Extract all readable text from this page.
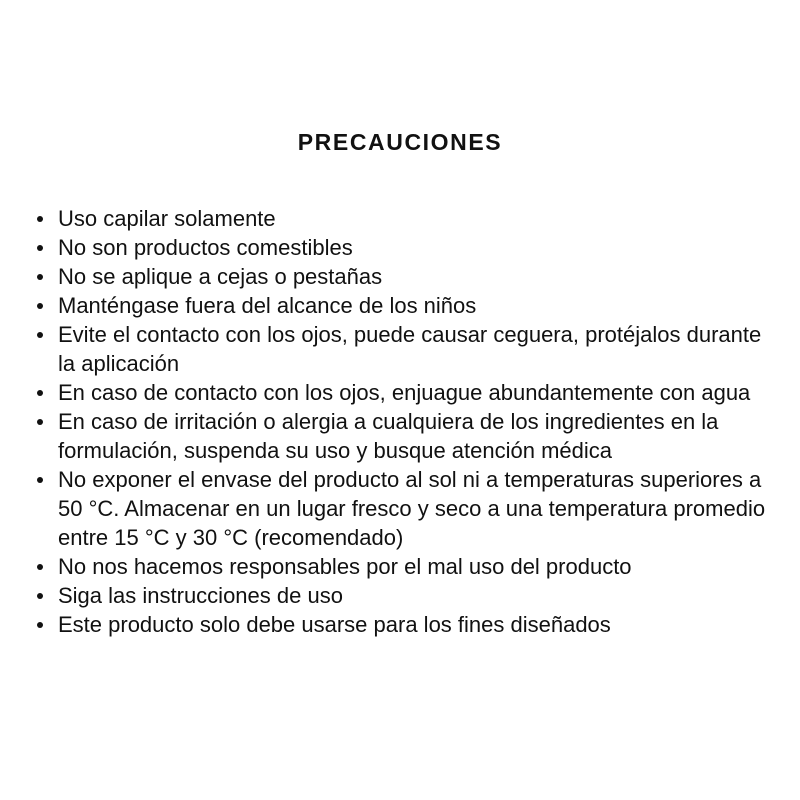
PRECAUCIONES
Uso capilar solamente
No son productos comestibles
No se aplique a cejas o pestañas
Manténgase fuera del alcance de los niños
Evite el contacto con los ojos, puede causar ceguera, protéjalos durante la aplicación
En caso de contacto con los ojos, enjuague abundantemente con agua
En caso de irritación o alergia a cualquiera de los ingredientes en la formulación, suspenda su uso y busque atención médica
No exponer el envase del producto al sol ni a temperaturas superiores a 50 °C. Almacenar en un lugar fresco y seco a una temperatura promedio entre 15 °C y 30 °C (recomendado)
No nos hacemos responsables por el mal uso del producto
Siga las instrucciones de uso
Este producto solo debe usarse para los fines diseñados
